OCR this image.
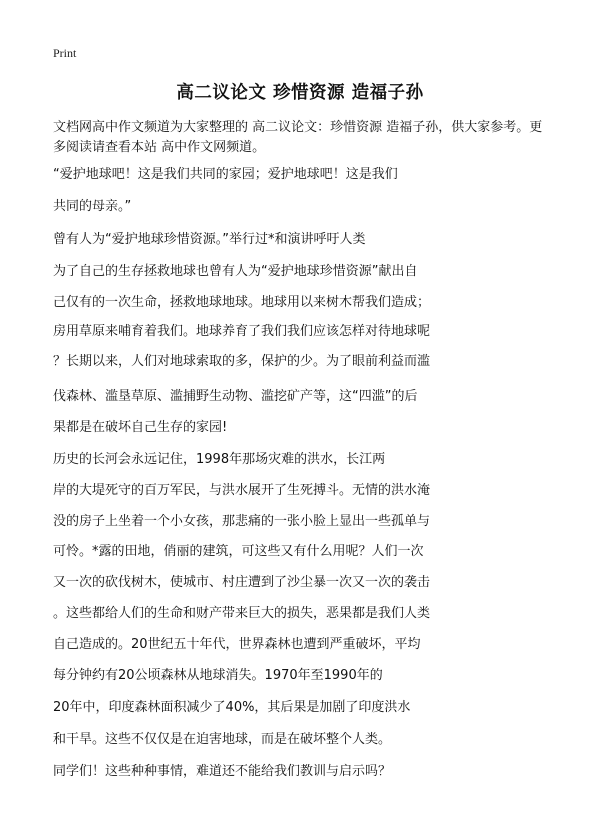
Print
高二议论文 珍惜资源 造福子孙
文档网高中作文频道为大家整理的 高二议论文：珍惜资源 造福子孙，供大家参考。更多阅读请查看本站 高中作文网频道。
“爱护地球吧！这是我们共同的家园；爱护地球吧！这是我们
共同的母亲。”
曾有人为“爱护地球珍惜资源。”举行过*和演讲呼吁人类
为了自己的生存拯救地球也曾有人为“爱护地球珍惜资源”献出自
己仅有的一次生命，拯救地球地球。地球用以来树木帮我们造成；
房用草原来哺育着我们。地球养育了我们我们应该怎样对待地球呢
？长期以来，人们对地球索取的多，保护的少。为了眼前利益而滥
伐森林、滥垦草原、滥捕野生动物、滥挖矿产等，这“四滥”的后
果都是在破坏自己生存的家园!
历史的长河会永远记住，1998年那场灾难的洪水，长江两
岸的大堤死守的百万军民，与洪水展开了生死搏斗。无情的洪水淹
没的房子上坐着一个小女孩，那悲痛的一张小脸上显出一些孤单与
可怜。*露的田地，俏丽的建筑，可这些又有什么用呢？人们一次
又一次的砍伐树木，使城市、村庄遭到了沙尘暴一次又一次的袭击
。这些都给人们的生命和财产带来巨大的损失，恶果都是我们人类
自己造成的。20世纪五十年代，世界森林也遭到严重破坏，平均
每分钟约有20公顷森林从地球消失。1970年至1990年的
20年中，印度森林面积减少了40%，其后果是加剧了印度洪水
和干旱。这些不仅仅是在迫害地球，而是在破坏整个人类。
同学们！这些种种事情，难道还不能给我们教训与启示吗？
